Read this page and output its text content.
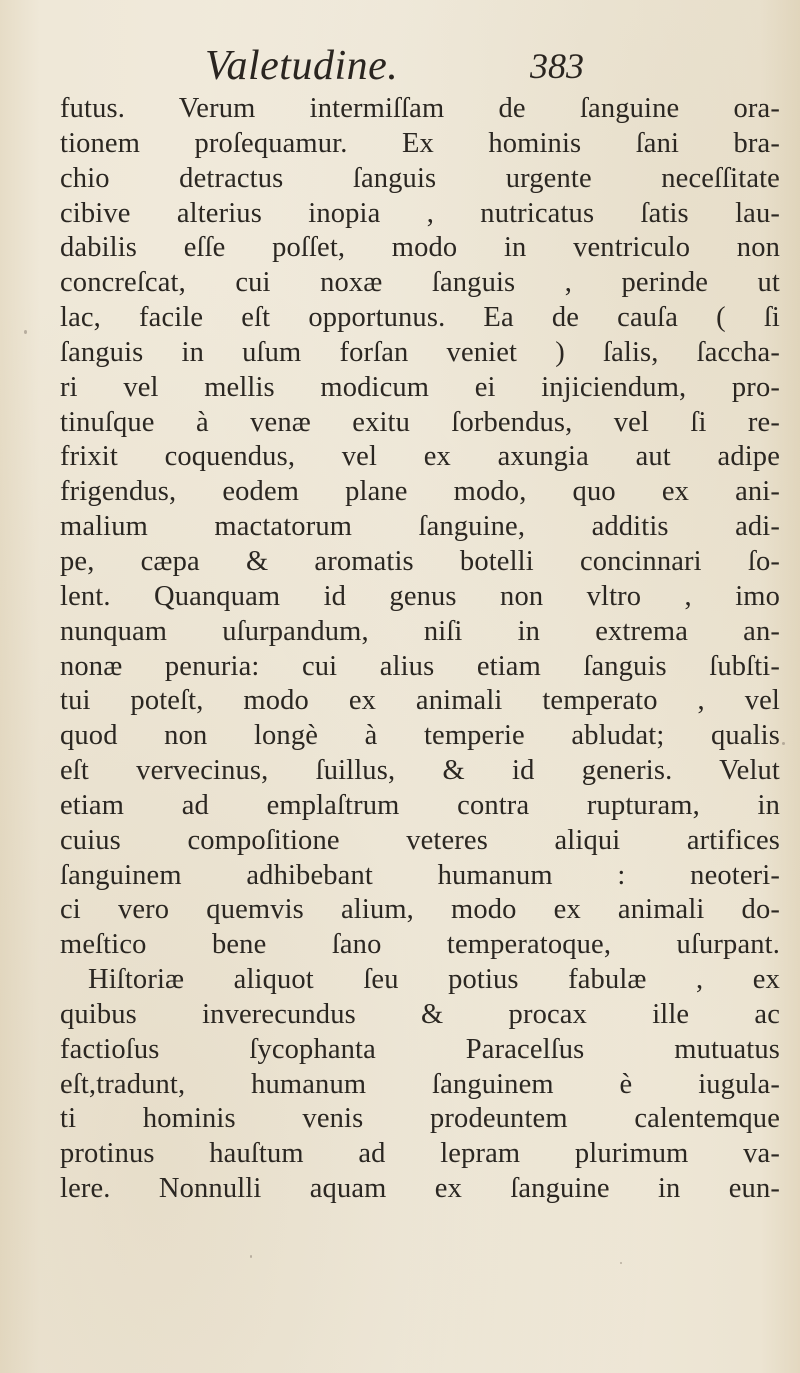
Valetudine.	383
futus. Verum intermiſſam de ſanguine ora-
tionem proſequamur. Ex hominis ſani bra-
chio detractus ſanguis urgente neceſſitate
cibive alterius inopia , nutricatus ſatis lau-
dabilis eſſe poſſet, modo in ventriculo non
concreſcat, cui noxæ ſanguis , perinde ut
lac, facile eſt opportunus. Ea de cauſa ( ſi
ſanguis in uſum forſan veniet ) ſalis, ſaccha-
ri vel mellis modicum ei injiciendum, pro-
tinuſque à venæ exitu ſorbendus, vel ſi re-
frixit coquendus, vel ex axungia aut adipe
frigendus, eodem plane modo, quo ex ani-
malium mactatorum ſanguine, additis adi-
pe, cæpa & aromatis botelli concinnari ſo-
lent. Quanquam id genus non vltro , imo
nunquam uſurpandum, niſi in extrema an-
nonæ penuria: cui alius etiam ſanguis ſubſti-
tui poteſt, modo ex animali temperato , vel
quod non longè à temperie abludat; qualis
eſt vervecinus, ſuillus, & id generis. Velut
etiam ad emplaſtrum contra rupturam, in
cuius compoſitione veteres aliqui artifices
ſanguinem adhibebant humanum : neoteri-
ci vero quemvis alium, modo ex animali do-
meſtico bene ſano temperatoque, uſurpant.
Hiſtoriæ aliquot ſeu potius fabulæ , ex
quibus inverecundus & procax ille ac
factioſus ſycophanta Paracelſus mutuatus
eſt,tradunt, humanum ſanguinem è iugula-
ti hominis venis prodeuntem calentemque
protinus hauſtum ad lepram plurimum va-
lere. Nonnulli aquam ex ſanguine in eun-
